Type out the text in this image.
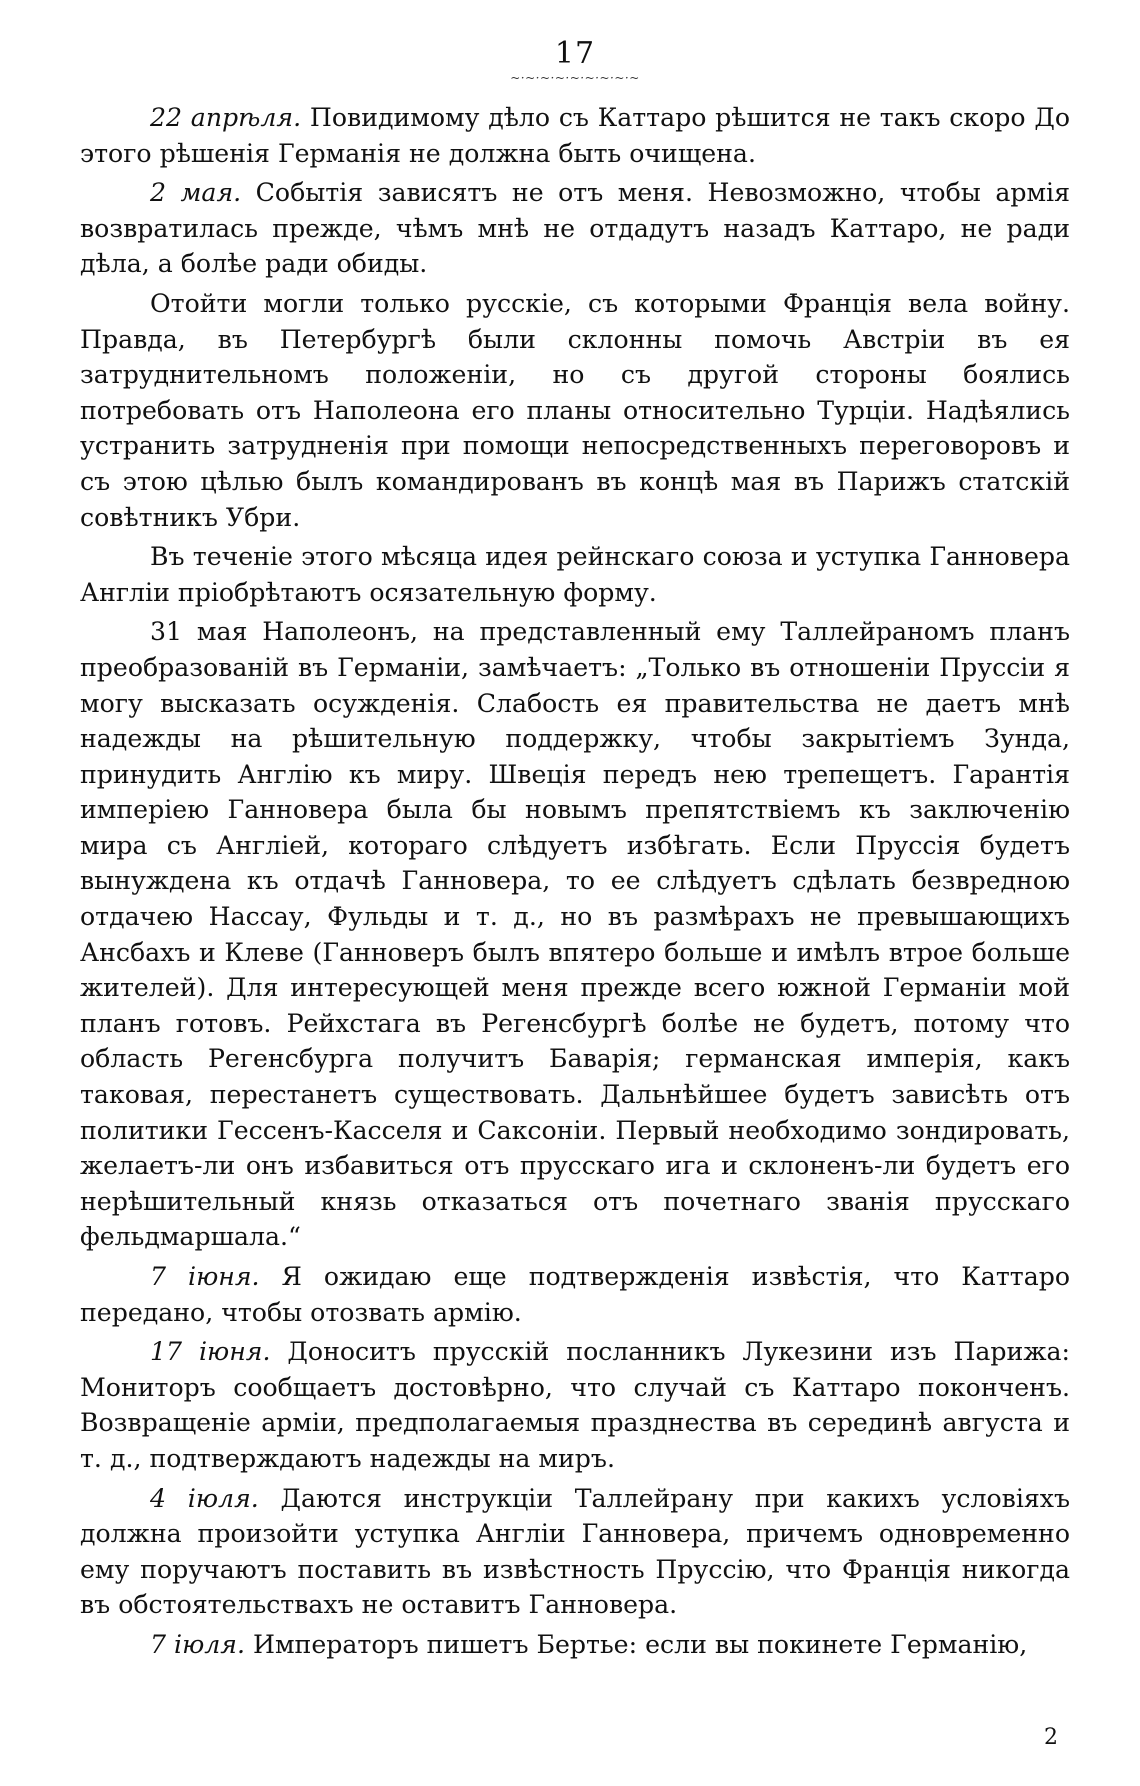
17
~·~·~·~·~·~·~·~·~

22 апрѣля. Повидимому дѣло съ Каттаро рѣшится не такъ скоро До этого рѣшенія Германія не должна быть очищена.

2 мая. Событія зависятъ не отъ меня. Невозможно, чтобы армія возвратилась прежде, чѣмъ мнѣ не отдадутъ назадъ Каттаро, не ради дѣла, а болѣе ради обиды.

Отойти могли только русскіе, съ которыми Франція вела войну. Правда, въ Петербургѣ были склонны помочь Австріи въ ея затруднительномъ положеніи, но съ другой стороны боялись потребовать отъ Наполеона его планы относительно Турціи. Надѣялись устранить затрудненія при помощи непосредственныхъ переговоровъ и съ этою цѣлью былъ командированъ въ концѣ мая въ Парижъ статскій совѣтникъ Убри.

Въ теченіе этого мѣсяца идея рейнскаго союза и уступка Ганновера Англіи пріобрѣтаютъ осязательную форму.

31 мая Наполеонъ, на представленный ему Таллейраномъ планъ преобразованій въ Германіи, замѣчаетъ: „Только въ отношеніи Пруссіи я могу высказать осужденія. Слабость ея правительства не даетъ мнѣ надежды на рѣшительную поддержку, чтобы закрытіемъ Зунда, принудить Англію къ миру. Швеція передъ нею трепещетъ. Гарантія имперіею Ганновера была бы новымъ препятствіемъ къ заключенію мира съ Англіей, котораго слѣдуетъ избѣгать. Если Пруссія будетъ вынуждена къ отдачѣ Ганновера, то ее слѣдуетъ сдѣлать безвредною отдачею Нассау, Фульды и т. д., но въ размѣрахъ не превышающихъ Ансбахъ и Клеве (Ганноверъ былъ впятеро больше и имѣлъ втрое больше жителей). Для интересующей меня прежде всего южной Германіи мой планъ готовъ. Рейхстага въ Регенсбургѣ болѣе не будетъ, потому что область Регенсбурга получитъ Баварія; германская имперія, какъ таковая, перестанетъ существовать. Дальнѣйшее будетъ зависѣть отъ политики Гессенъ-Касселя и Саксоніи. Первый необходимо зондировать, желаетъ-ли онъ избавиться отъ прусскаго ига и склоненъ-ли будетъ его нерѣшительный князь отказаться отъ почетнаго званія прусскаго фельдмаршала.“

7 іюня. Я ожидаю еще подтвержденія извѣстія, что Каттаро передано, чтобы отозвать армію.

17 іюня. Доноситъ прусскій посланникъ Лукезини изъ Парижа: Мониторъ сообщаетъ достовѣрно, что случай съ Каттаро поконченъ. Возвращеніе арміи, предполагаемыя празднества въ серединѣ августа и т. д., подтверждаютъ надежды на миръ.

4 іюля. Даются инструкціи Таллейрану при какихъ условіяхъ должна произойти уступка Англіи Ганновера, причемъ одновременно ему поручаютъ поставить въ извѣстность Пруссію, что Франція никогда въ обстоятельствахъ не оставитъ Ганновера.

7 іюля. Императоръ пишетъ Бертье: если вы покинете Германію,

2
